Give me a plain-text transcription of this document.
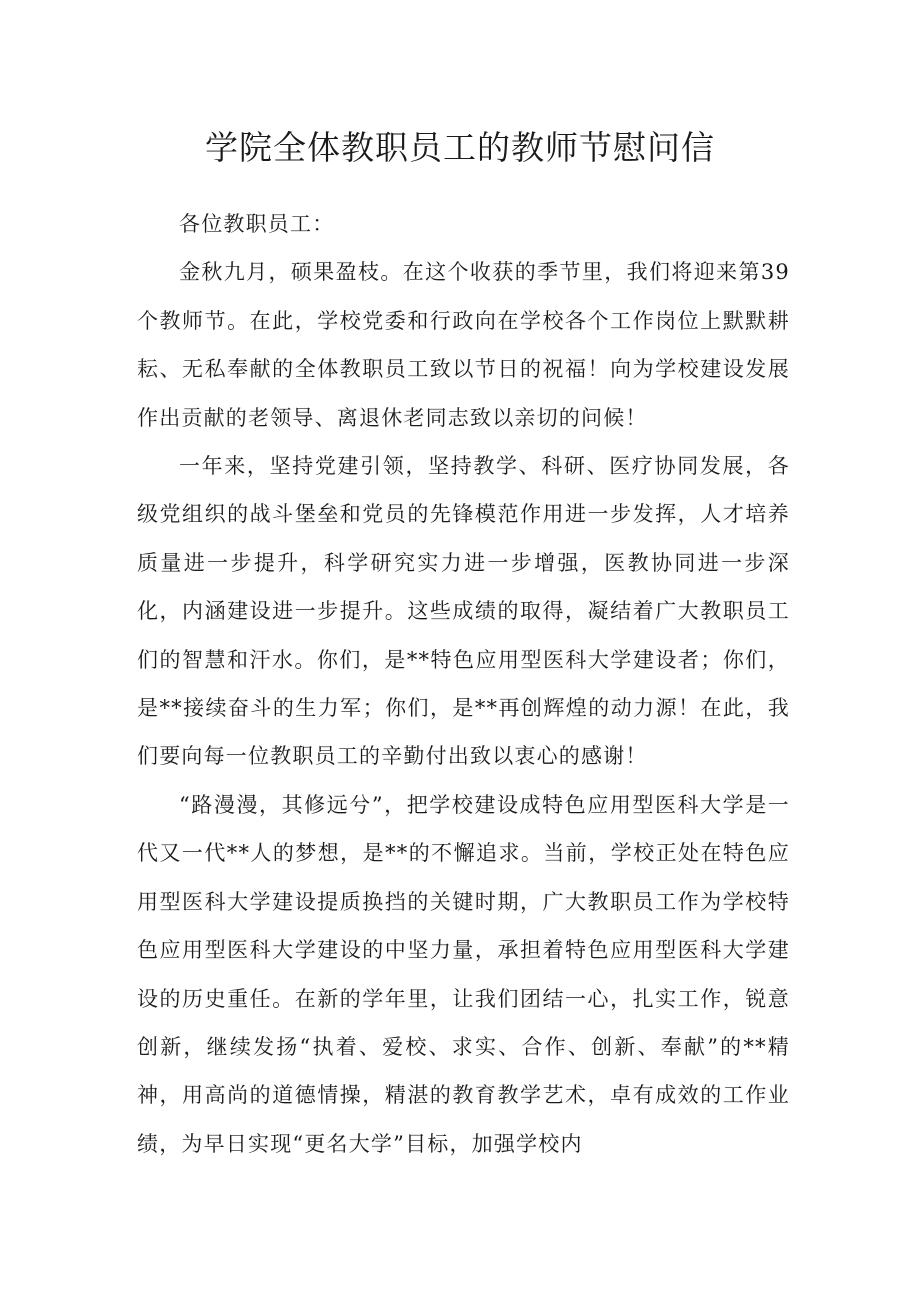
学院全体教职员工的教师节慰问信

各位教职员工：

金秋九月，硕果盈枝。在这个收获的季节里，我们将迎来第39个教师节。在此，学校党委和行政向在学校各个工作岗位上默默耕耘、无私奉献的全体教职员工致以节日的祝福！向为学校建设发展作出贡献的老领导、离退休老同志致以亲切的问候！

一年来，坚持党建引领，坚持教学、科研、医疗协同发展，各级党组织的战斗堡垒和党员的先锋模范作用进一步发挥，人才培养质量进一步提升，科学研究实力进一步增强，医教协同进一步深化，内涵建设进一步提升。这些成绩的取得，凝结着广大教职员工们的智慧和汗水。你们，是**特色应用型医科大学建设者；你们，是**接续奋斗的生力军；你们，是**再创辉煌的动力源！在此，我们要向每一位教职员工的辛勤付出致以衷心的感谢！

“路漫漫，其修远兮”，把学校建设成特色应用型医科大学是一代又一代**人的梦想，是**的不懈追求。当前，学校正处在特色应用型医科大学建设提质换挡的关键时期，广大教职员工作为学校特色应用型医科大学建设的中坚力量，承担着特色应用型医科大学建设的历史重任。在新的学年里，让我们团结一心，扎实工作，锐意创新，继续发扬“执着、爱校、求实、合作、创新、奉献”的**精神，用高尚的道德情操，精湛的教育教学艺术，卓有成效的工作业绩，为早日实现“更名大学”目标，加强学校内
